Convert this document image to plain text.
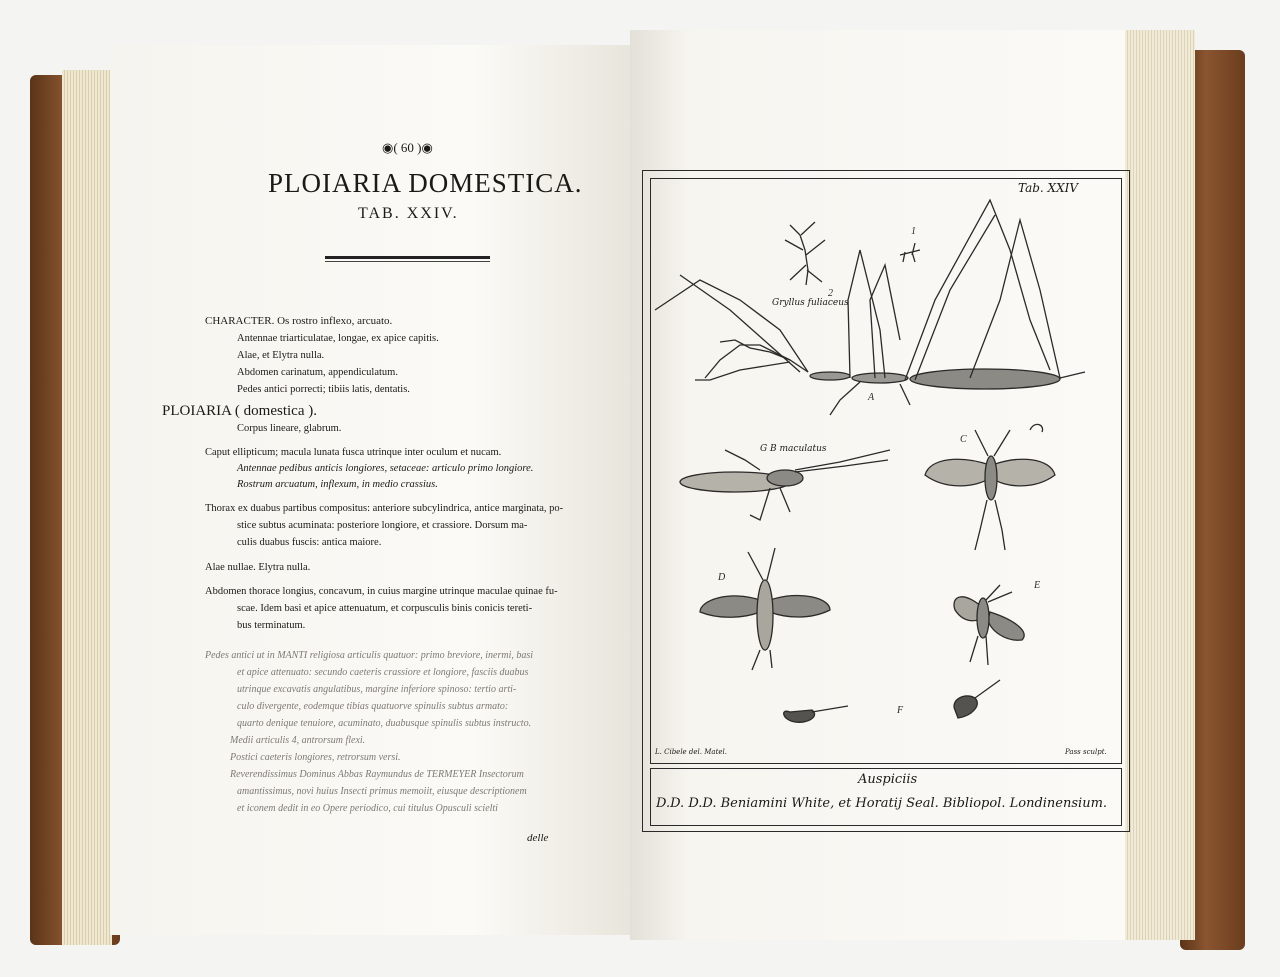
◉( 60 )◉
PLOIARIA DOMESTICA.
TAB. XXIV.
CHARACTER. Os rostro inflexo, arcuato.
Antennae triarticulatae, longae, ex apice capitis.
Alae, et Elytra nulla.
Abdomen carinatum, appendiculatum.
Pedes antici porrecti; tibiis latis, dentatis.
PLOIARIA ( domestica ).
Corpus lineare, glabrum.
Caput ellipticum; macula lunata fusca utrinque inter oculum et nucam.
Antennae pedibus anticis longiores, setaceae: articulo primo longiore.
Rostrum arcuatum, inflexum, in medio crassius.
Thorax ex duabus partibus compositus: anteriore subcylindrica, antice marginata, po-
stice subtus acuminata: posteriore longiore, et crassiore. Dorsum ma-
culis duabus fuscis: antica maiore.
Alae nullae. Elytra nulla.
Abdomen thorace longius, concavum, in cuius margine utrinque maculae quinae fu-
scae. Idem basi et apice attenuatum, et corpusculis binis conicis tereti-
bus terminatum.
Pedes antici ut in MANTI religiosa articulis quatuor: primo breviore, inermi, basi
et apice attenuato: secundo caeteris crassiore et longiore, fasciis duabus
utrinque excavatis angulatibus, margine inferiore spinoso: tertio arti-
culo divergente, eodemque tibias quatuorve spinulis subtus armato:
quarto denique tenuiore, acuminato, duabusque spinulis subtus instructo.
Medii articulis 4, antrorsum flexi.
Postici caeteris longiores, retrorsum versi.
Reverendissimus Dominus Abbas Raymundus de TERMEYER Insectorum
amantissimus, novi huius Insecti primus memoiit, eiusque descriptionem
et iconem dedit in eo Opere periodico, cui titulus Opusculi scielti
delle
Tab. XXIV
A
C
D
E
F
2
1
Gryllus fuliaceus
G B maculatus
L. Cibele del. Matel.	Pass sculpt.
Auspiciis
D.D. D.D. Beniamini White, et Horatij Seal. Bibliopol. Londinensium.
